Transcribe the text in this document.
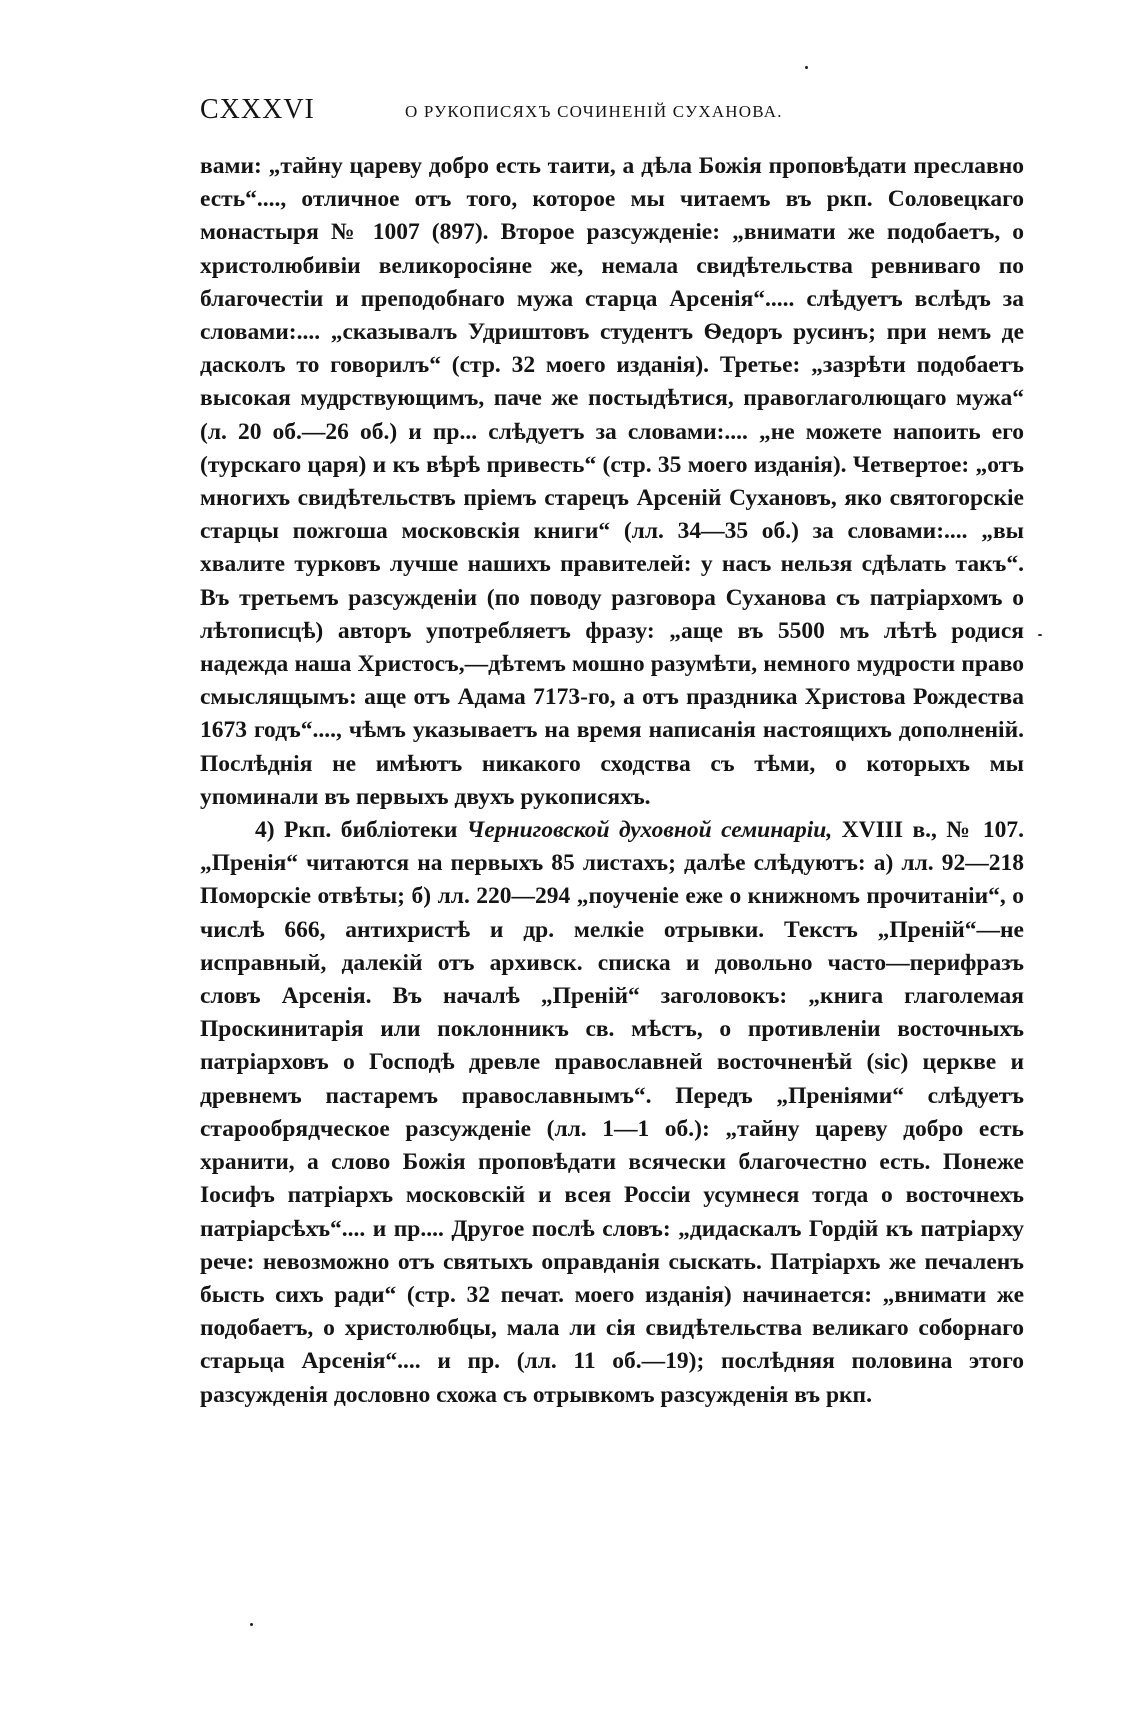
CXXXVI	О РУКОПИСЯХЪ СОЧИНЕНІЙ СУХАНОВА.

вами: „тайну цареву добро есть таити, а дѣла Божія проповѣдати преславно есть“...., отличное отъ того, которое мы читаемъ въ ркп. Соловецкаго монастыря № 1007 (897). Второе разсужденіе: „внимати же подобаетъ, о христолюбивіи великоросіяне же, немала свидѣтельства ревниваго по благочестіи и преподобнаго мужа старца Арсенія“..... слѣдуетъ вслѣдъ за словами:.... „сказывалъ Удриштовъ студентъ Ѳедоръ русинъ; при немъ де дасколъ то говорилъ“ (стр. 32 моего изданія). Третье: „зазрѣти подобаетъ высокая мудрствующимъ, паче же постыдѣтися, правоглаголющаго мужа“ (л. 20 об.—26 об.) и пр... слѣдуетъ за словами:.... „не можете напоить его (турскаго царя) и къ вѣрѣ привесть“ (стр. 35 моего изданія). Четвертое: „отъ многихъ свидѣтельствъ пріемъ старецъ Арсеній Сухановъ, яко святогорскіе старцы пожгоша московскія книги“ (лл. 34—35 об.) за словами:.... „вы хвалите турковъ лучше нашихъ правителей: у насъ нельзя сдѣлать такъ“. Въ третьемъ разсужденіи (по поводу разговора Суханова съ патріархомъ о лѣтописцѣ) авторъ употребляетъ фразу: „аще въ 5500 мъ лѣтѣ родися надежда наша Христосъ,—дѣтемъ мошно разумѣти, немного мудрости право смыслящымъ: аще отъ Адама 7173-го, а отъ праздника Христова Рождества 1673 годъ“...., чѣмъ указываетъ на время написанія настоящихъ дополненій. Послѣднія не имѣютъ никакого сходства съ тѣми, о которыхъ мы упоминали въ первыхъ двухъ рукописяхъ.

4) Ркп. библіотеки Черниговской духовной семинаріи, XVIII в., № 107. „Пренія“ читаются на первыхъ 85 листахъ; далѣе слѣдуютъ: а) лл. 92—218 Поморскіе отвѣты; б) лл. 220—294 „поученіе еже о книжномъ прочитаніи“, о числѣ 666, антихристѣ и др. мелкіе отрывки. Текстъ „Преній“—не исправный, далекій отъ архивск. списка и довольно часто—перифразъ словъ Арсенія. Въ началѣ „Преній“ заголовокъ: „книга глаголемая Проскинитарія или поклонникъ св. мѣстъ, о противленіи восточныхъ патріарховъ о Господѣ древле православней восточненѣй (sic) церкве и древнемъ пастаремъ православнымъ“. Передъ „Преніями“ слѣдуетъ старообрядческое разсужденіе (лл. 1—1 об.): „тайну цареву добро есть хранити, а слово Божія проповѣдати всячески благочестно есть. Понеже Іосифъ патріархъ московскій и всея Россіи усумнеся тогда о восточнехъ патріарсѣхъ“.... и пр.... Другое послѣ словъ: „дидаскалъ Гордій къ патріарху рече: невозможно отъ святыхъ оправданія сыскать. Патріархъ же печаленъ бысть сихъ ради“ (стр. 32 печат. моего изданія) начинается: „внимати же подобаетъ, о христолюбцы, мала ли сія свидѣтельства великаго соборнаго старьца Арсенія“.... и пр. (лл. 11 об.—19); послѣдняя половина этого разсужденія дословно схожа съ отрывкомъ разсужденія въ ркп.
